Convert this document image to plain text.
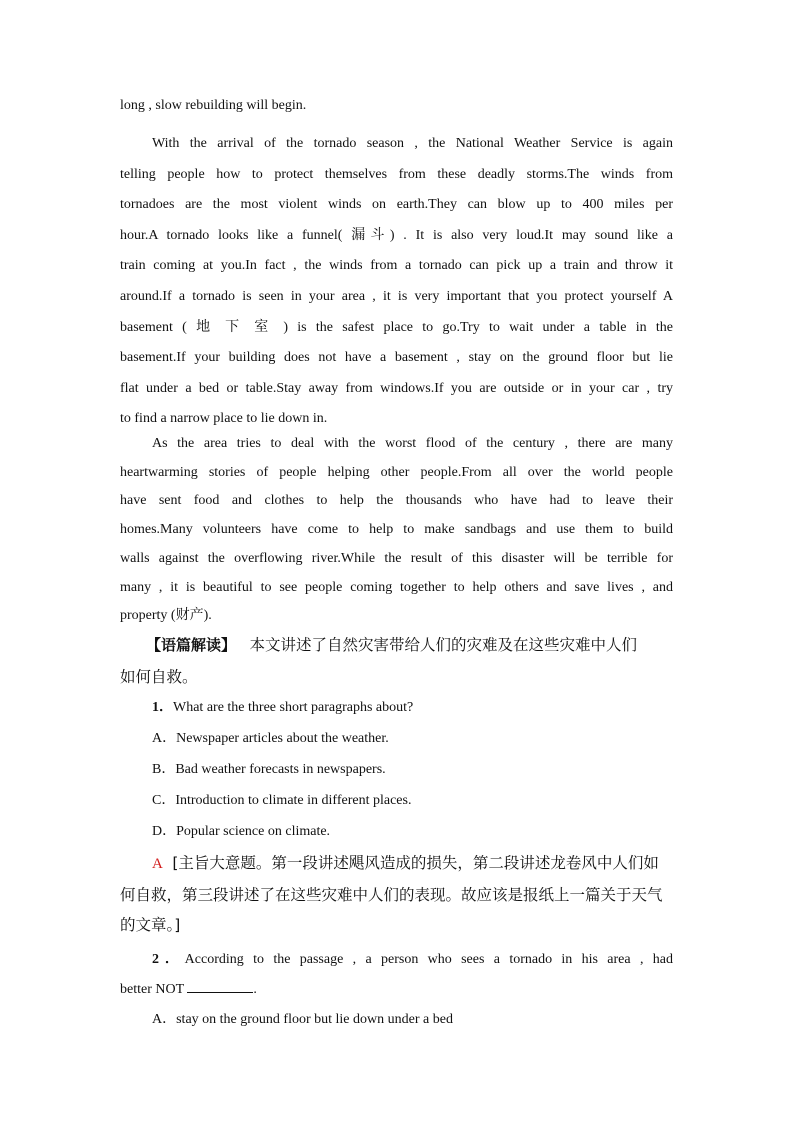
long , slow rebuilding will begin.

With the arrival of the tornado season , the National Weather Service is again
telling people how to protect themselves from these deadly storms.The winds from
tornadoes are the most violent winds on earth.They can blow up to 400 miles per
hour.A tornado looks like a funnel( 漏斗) . It is also very loud.It may sound like a
train coming at you.In fact , the winds from a tornado can pick up a train and throw it
around.If a tornado is seen in your area , it is very important that you protect yourself A
basement ( 地 下 室 ) is the safest place to go.Try to wait under a table in the
basement.If your building does not have a basement , stay on the ground floor but lie
flat under a bed or table.Stay away from windows.If you are outside or in your car , try
to find a narrow place to lie down in.
As the area tries to deal with the worst flood of the century , there are many
heartwarming stories of people helping other people.From all over the world people
have sent food and clothes to help the thousands who have had to leave their
homes.Many volunteers have come to help to make sandbags and use them to build
walls against the overflowing river.While the result of this disaster will be terrible for
many , it is beautiful to see people coming together to help others and save lives , and
property (财产).

【语篇解读】 本文讲述了自然灾害带给人们的灾难及在这些灾难中人们
如何自救。

1．What are the three short paragraphs about?

A．Newspaper articles about the weather.

B．Bad weather forecasts in newspapers.

C．Introduction to climate in different places.

D．Popular science on climate.

A [主旨大意题。第一段讲述飓风造成的损失，第二段讲述龙卷风中人们如
何自救，第三段讲述了在这些灾难中人们的表现。故应该是报纸上一篇关于天气
的文章。]

2．According to the passage , a person who sees a tornado in his area , had
better NOT	.

A．stay on the ground floor but lie down under a bed
